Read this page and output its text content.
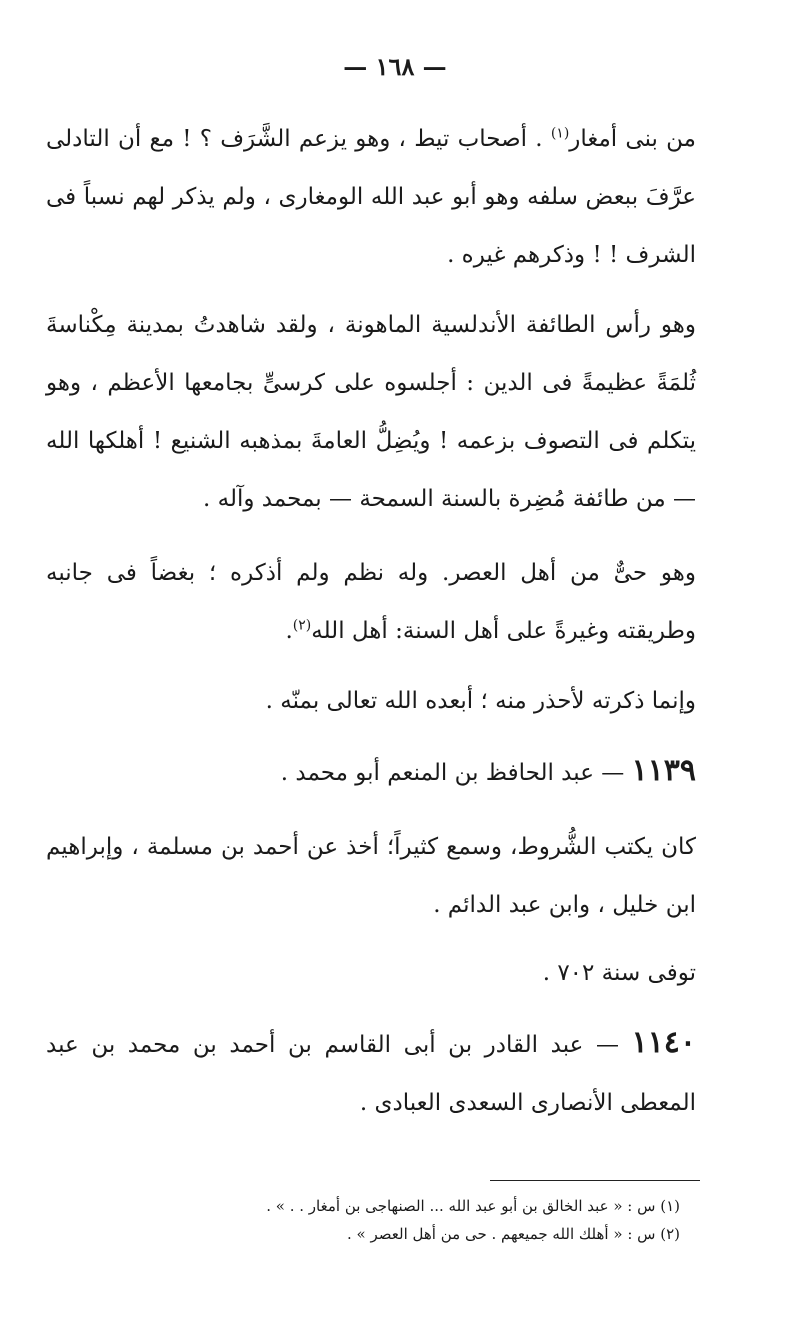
— ١٦٨ —

من بنى أمغار$^{(١)}$ . أصحاب تيط ، وهو يزعم الشَّرَف ؟ ! مع أن التادلى عرَّفَ ببعض سلفه وهو أبو عبد الله الومغارى ، ولم يذكر لهم نسباً فى الشرف ! ! وذكرهم غيره .

وهو رأس الطائفة الأندلسية الماهونة ، ولقد شاهدتُ بمدينة مِكْناسةَ ثُلمَةً عظيمةً فى الدين : أجلسوه على كرسىٍّ بجامعها الأعظم ، وهو يتكلم فى التصوف بزعمه ! ويُضِلُّ العامةَ بمذهبه الشنيع ! أهلكها الله — من طائفة مُضِرة بالسنة السمحة — بمحمد وآله .

وهو حىٌّ من أهل العصر. وله نظم ولم أذكره ؛ بغضاً فى جانبه وطريقته وغيرةً على أهل السنة: أهل الله$^{(٢)}$.

وإنما ذكرته لأحذر منه ؛ أبعده الله تعالى بمنّه .

١١٣٩ — عبد الحافظ بن المنعم أبو محمد .

كان يكتب الشُّروط، وسمع كثيراً؛ أخذ عن أحمد بن مسلمة ، وإبراهيم ابن خليل ، وابن عبد الدائم .

توفى سنة ٧٠٢ .

١١٤٠ — عبد القادر بن أبى القاسم بن أحمد بن محمد بن عبد المعطى الأنصارى السعدى العبادى .

(١) س : « عبد الخالق بن أبو عبد الله ... الصنهاجى بن أمغار . . » .

(٢) س : « أهلك الله جميعهم . حى من أهل العصر » .
